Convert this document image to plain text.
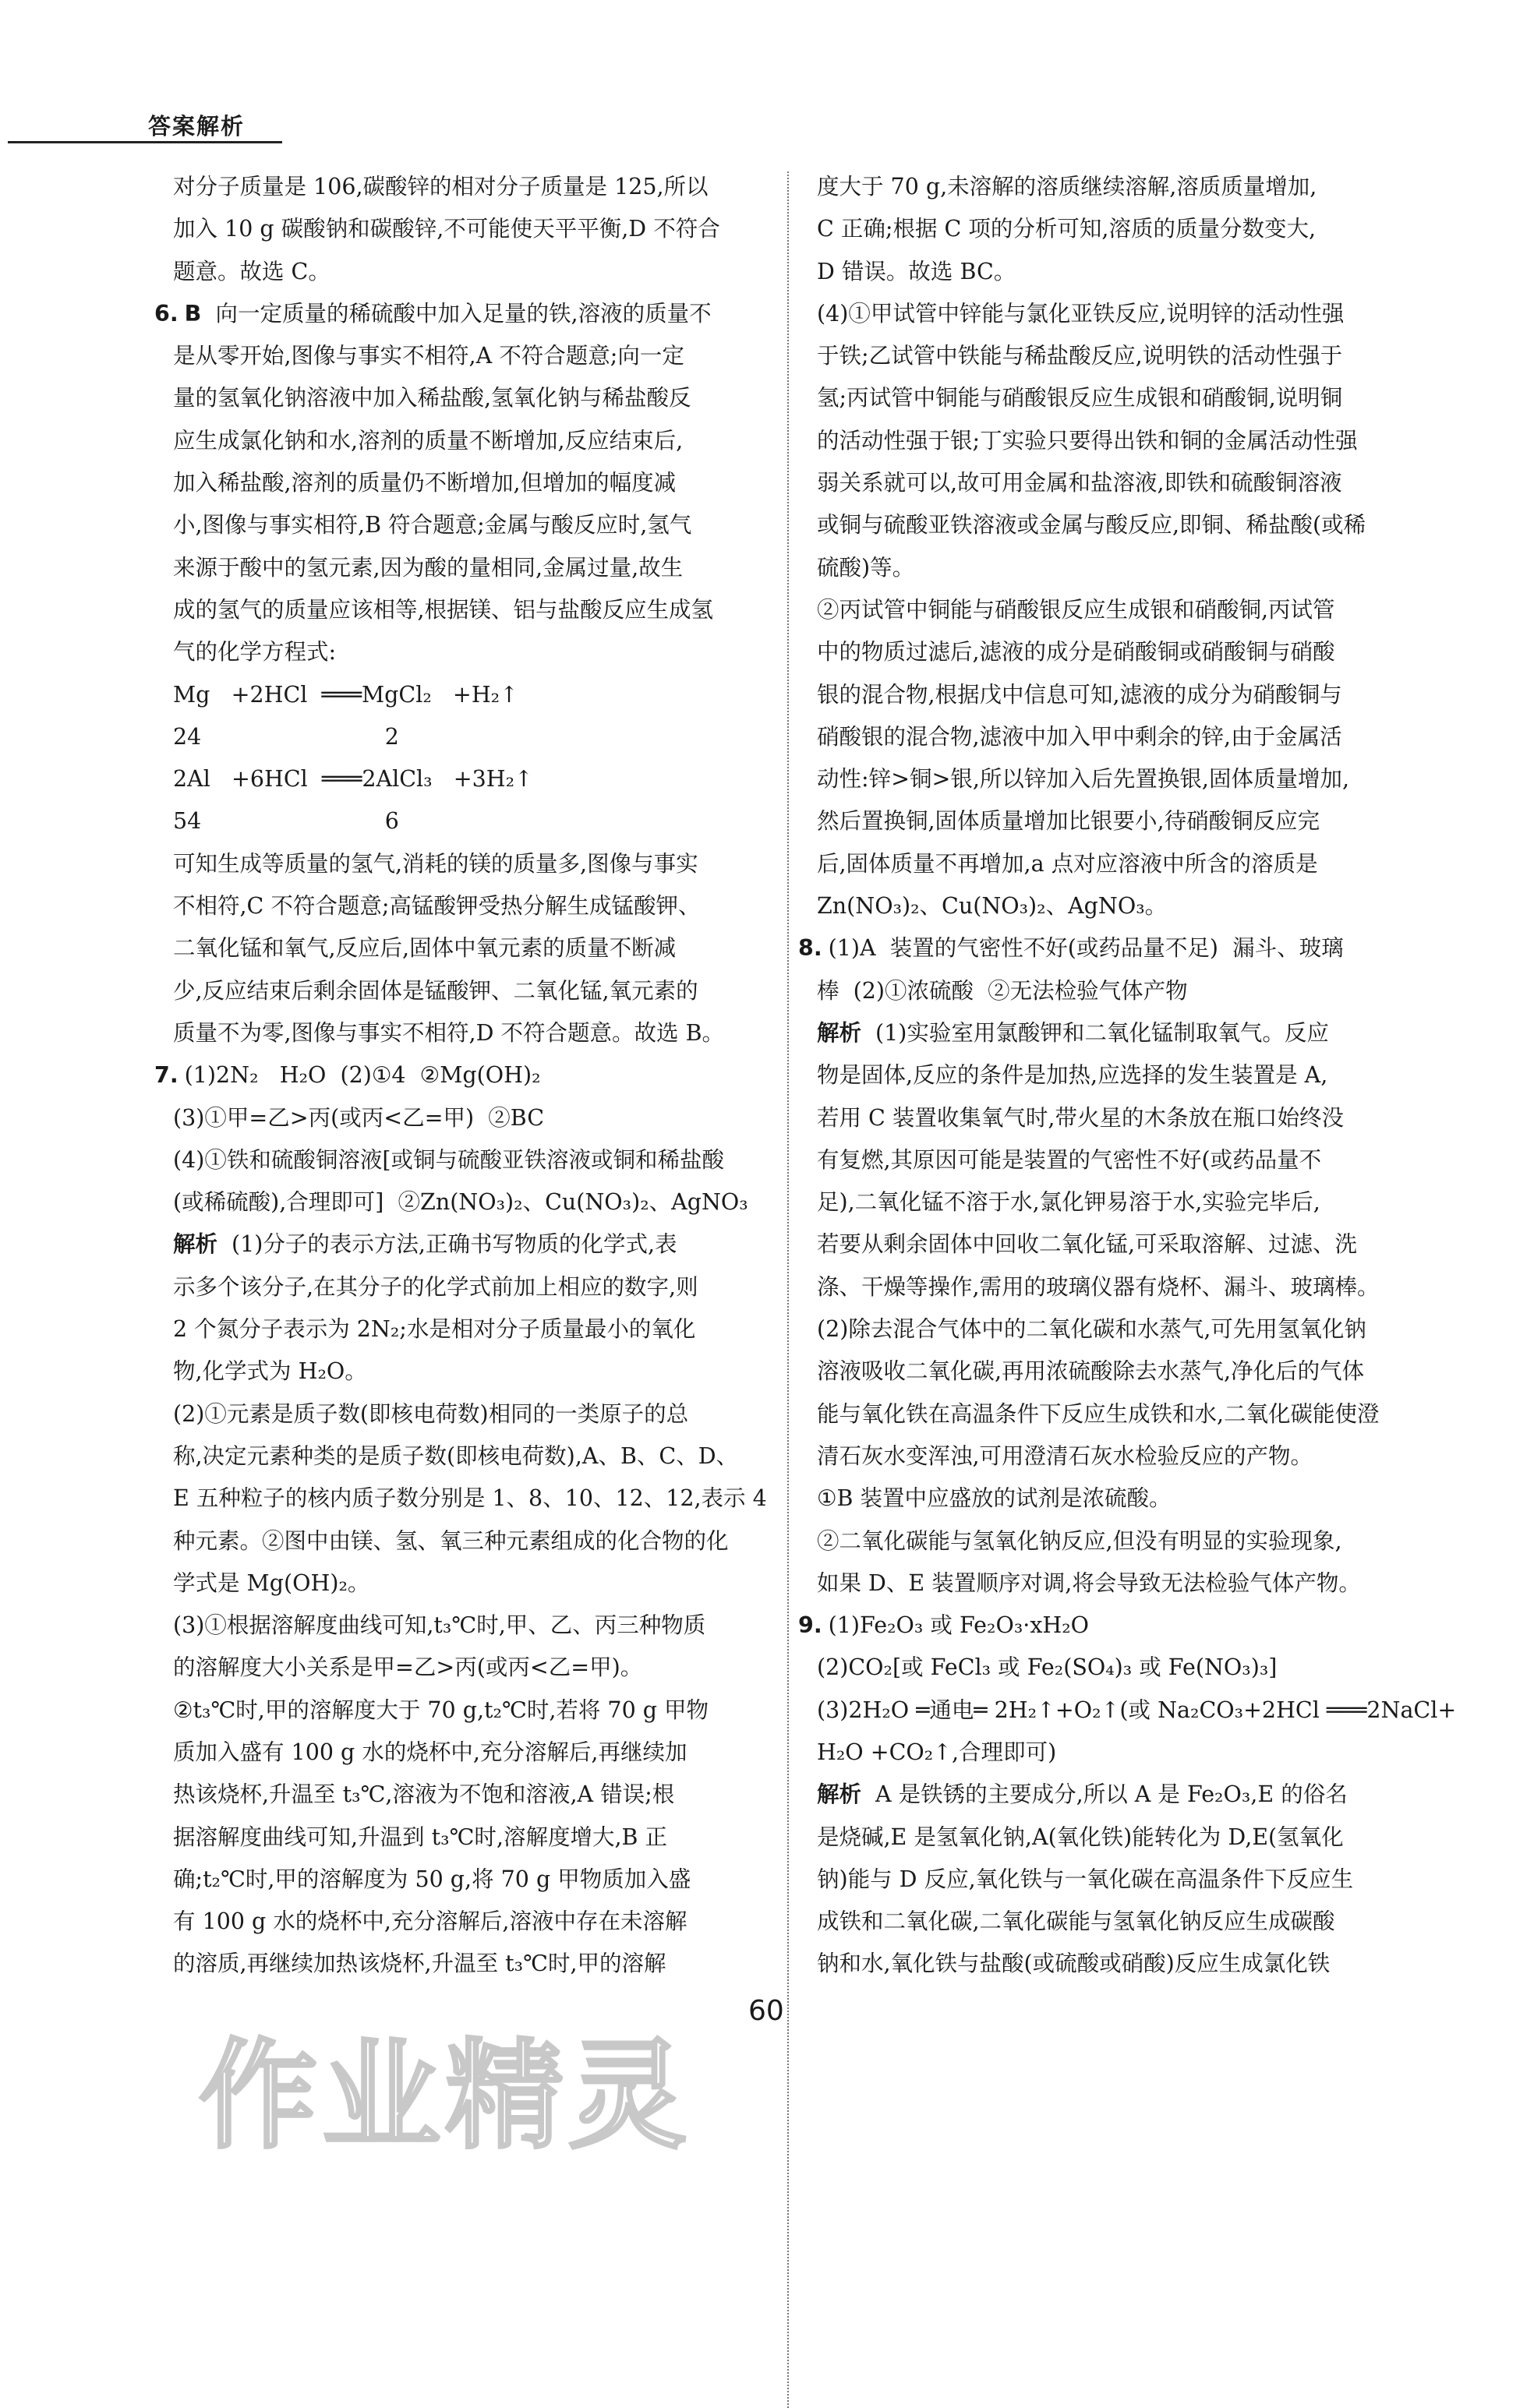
答案解析
对分子质量是 106,碳酸锌的相对分子质量是 125,所以
加入 10 g 碳酸钠和碳酸锌,不可能使天平平衡,D 不符合
题意。故选 C。
6. B  向一定质量的稀硫酸中加入足量的铁,溶液的质量不
是从零开始,图像与事实不相符,A 不符合题意;向一定
量的氢氧化钠溶液中加入稀盐酸,氢氧化钠与稀盐酸反
应生成氯化钠和水,溶剂的质量不断增加,反应结束后,
加入稀盐酸,溶剂的质量仍不断增加,但增加的幅度减
小,图像与事实相符,B 符合题意;金属与酸反应时,氢气
来源于酸中的氢元素,因为酸的量相同,金属过量,故生
成的氢气的质量应该相等,根据镁、铝与盐酸反应生成氢
气的化学方程式:
Mg   +2HCl  ═══MgCl₂   +H₂↑
24                          2
2Al   +6HCl  ═══2AlCl₃   +3H₂↑
54                          6
可知生成等质量的氢气,消耗的镁的质量多,图像与事实
不相符,C 不符合题意;高锰酸钾受热分解生成锰酸钾、
二氧化锰和氧气,反应后,固体中氧元素的质量不断减
少,反应结束后剩余固体是锰酸钾、二氧化锰,氧元素的
质量不为零,图像与事实不相符,D 不符合题意。故选 B。
7. (1)2N₂   H₂O  (2)①4  ②Mg(OH)₂
(3)①甲=乙>丙(或丙<乙=甲)  ②BC
(4)①铁和硫酸铜溶液[或铜与硫酸亚铁溶液或铜和稀盐酸
(或稀硫酸),合理即可]  ②Zn(NO₃)₂、Cu(NO₃)₂、AgNO₃
解析 (1)分子的表示方法,正确书写物质的化学式,表
示多个该分子,在其分子的化学式前加上相应的数字,则
2 个氮分子表示为 2N₂;水是相对分子质量最小的氧化
物,化学式为 H₂O。
(2)①元素是质子数(即核电荷数)相同的一类原子的总
称,决定元素种类的是质子数(即核电荷数),A、B、C、D、
E 五种粒子的核内质子数分别是 1、8、10、12、12,表示 4
种元素。②图中由镁、氢、氧三种元素组成的化合物的化
学式是 Mg(OH)₂。
(3)①根据溶解度曲线可知,t₃℃时,甲、乙、丙三种物质
的溶解度大小关系是甲=乙>丙(或丙<乙=甲)。
②t₃℃时,甲的溶解度大于 70 g,t₂℃时,若将 70 g 甲物
质加入盛有 100 g 水的烧杯中,充分溶解后,再继续加
热该烧杯,升温至 t₃℃,溶液为不饱和溶液,A 错误;根
据溶解度曲线可知,升温到 t₃℃时,溶解度增大,B 正
确;t₂℃时,甲的溶解度为 50 g,将 70 g 甲物质加入盛
有 100 g 水的烧杯中,充分溶解后,溶液中存在未溶解
的溶质,再继续加热该烧杯,升温至 t₃℃时,甲的溶解
度大于 70 g,未溶解的溶质继续溶解,溶质质量增加,
C 正确;根据 C 项的分析可知,溶质的质量分数变大,
D 错误。故选 BC。
(4)①甲试管中锌能与氯化亚铁反应,说明锌的活动性强
于铁;乙试管中铁能与稀盐酸反应,说明铁的活动性强于
氢;丙试管中铜能与硝酸银反应生成银和硝酸铜,说明铜
的活动性强于银;丁实验只要得出铁和铜的金属活动性强
弱关系就可以,故可用金属和盐溶液,即铁和硫酸铜溶液
或铜与硫酸亚铁溶液或金属与酸反应,即铜、稀盐酸(或稀
硫酸)等。
②丙试管中铜能与硝酸银反应生成银和硝酸铜,丙试管
中的物质过滤后,滤液的成分是硝酸铜或硝酸铜与硝酸
银的混合物,根据戊中信息可知,滤液的成分为硝酸铜与
硝酸银的混合物,滤液中加入甲中剩余的锌,由于金属活
动性:锌>铜>银,所以锌加入后先置换银,固体质量增加,
然后置换铜,固体质量增加比银要小,待硝酸铜反应完
后,固体质量不再增加,a 点对应溶液中所含的溶质是
Zn(NO₃)₂、Cu(NO₃)₂、AgNO₃。
8. (1)A  装置的气密性不好(或药品量不足)  漏斗、玻璃
棒  (2)①浓硫酸  ②无法检验气体产物
解析 (1)实验室用氯酸钾和二氧化锰制取氧气。反应
物是固体,反应的条件是加热,应选择的发生装置是 A,
若用 C 装置收集氧气时,带火星的木条放在瓶口始终没
有复燃,其原因可能是装置的气密性不好(或药品量不
足),二氧化锰不溶于水,氯化钾易溶于水,实验完毕后,
若要从剩余固体中回收二氧化锰,可采取溶解、过滤、洗
涤、干燥等操作,需用的玻璃仪器有烧杯、漏斗、玻璃棒。
(2)除去混合气体中的二氧化碳和水蒸气,可先用氢氧化钠
溶液吸收二氧化碳,再用浓硫酸除去水蒸气,净化后的气体
能与氧化铁在高温条件下反应生成铁和水,二氧化碳能使澄
清石灰水变浑浊,可用澄清石灰水检验反应的产物。
①B 装置中应盛放的试剂是浓硫酸。
②二氧化碳能与氢氧化钠反应,但没有明显的实验现象,
如果 D、E 装置顺序对调,将会导致无法检验气体产物。
9. (1)Fe₂O₃ 或 Fe₂O₃·xH₂O
(2)CO₂[或 FeCl₃ 或 Fe₂(SO₄)₃ 或 Fe(NO₃)₃]
(3)2H₂O ═通电═ 2H₂↑+O₂↑(或 Na₂CO₃+2HCl ═══2NaCl+
H₂O +CO₂↑,合理即可)
解析 A 是铁锈的主要成分,所以 A 是 Fe₂O₃,E 的俗名
是烧碱,E 是氢氧化钠,A(氧化铁)能转化为 D,E(氢氧化
钠)能与 D 反应,氧化铁与一氧化碳在高温条件下反应生
成铁和二氧化碳,二氧化碳能与氢氧化钠反应生成碳酸
钠和水,氧化铁与盐酸(或硫酸或硝酸)反应生成氯化铁
60
作业精灵
